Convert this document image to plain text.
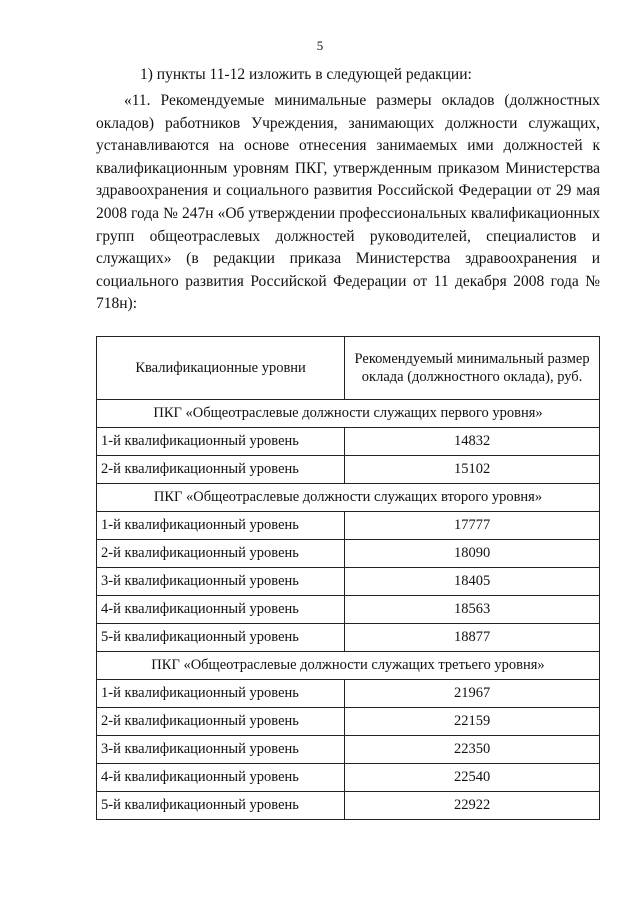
5
1) пункты 11-12 изложить в следующей редакции:

«11. Рекомендуемые минимальные размеры окладов (должностных окладов) работников Учреждения, занимающих должности служащих, устанавливаются на основе отнесения занимаемых ими должностей к квалификационным уровням ПКГ, утвержденным приказом Министерства здравоохранения и социального развития Российской Федерации от 29 мая 2008 года № 247н «Об утверждении профессиональных квалификационных групп общеотраслевых должностей руководителей, специалистов и служащих» (в редакции приказа Министерства здравоохранения и социального развития Российской Федерации от 11 декабря 2008 года № 718н):

Квалификационные уровни	Рекомендуемый минимальный размер оклада (должностного оклада), руб.
ПКГ «Общеотраслевые должности служащих первого уровня»	
1-й квалификационный уровень	14832
2-й квалификационный уровень	15102
ПКГ «Общеотраслевые должности служащих второго уровня»	
1-й квалификационный уровень	17777
2-й квалификационный уровень	18090
3-й квалификационный уровень	18405
4-й квалификационный уровень	18563
5-й квалификационный уровень	18877
ПКГ «Общеотраслевые должности служащих третьего уровня»	
1-й квалификационный уровень	21967
2-й квалификационный уровень	22159
3-й квалификационный уровень	22350
4-й квалификационный уровень	22540
5-й квалификационный уровень	22922
